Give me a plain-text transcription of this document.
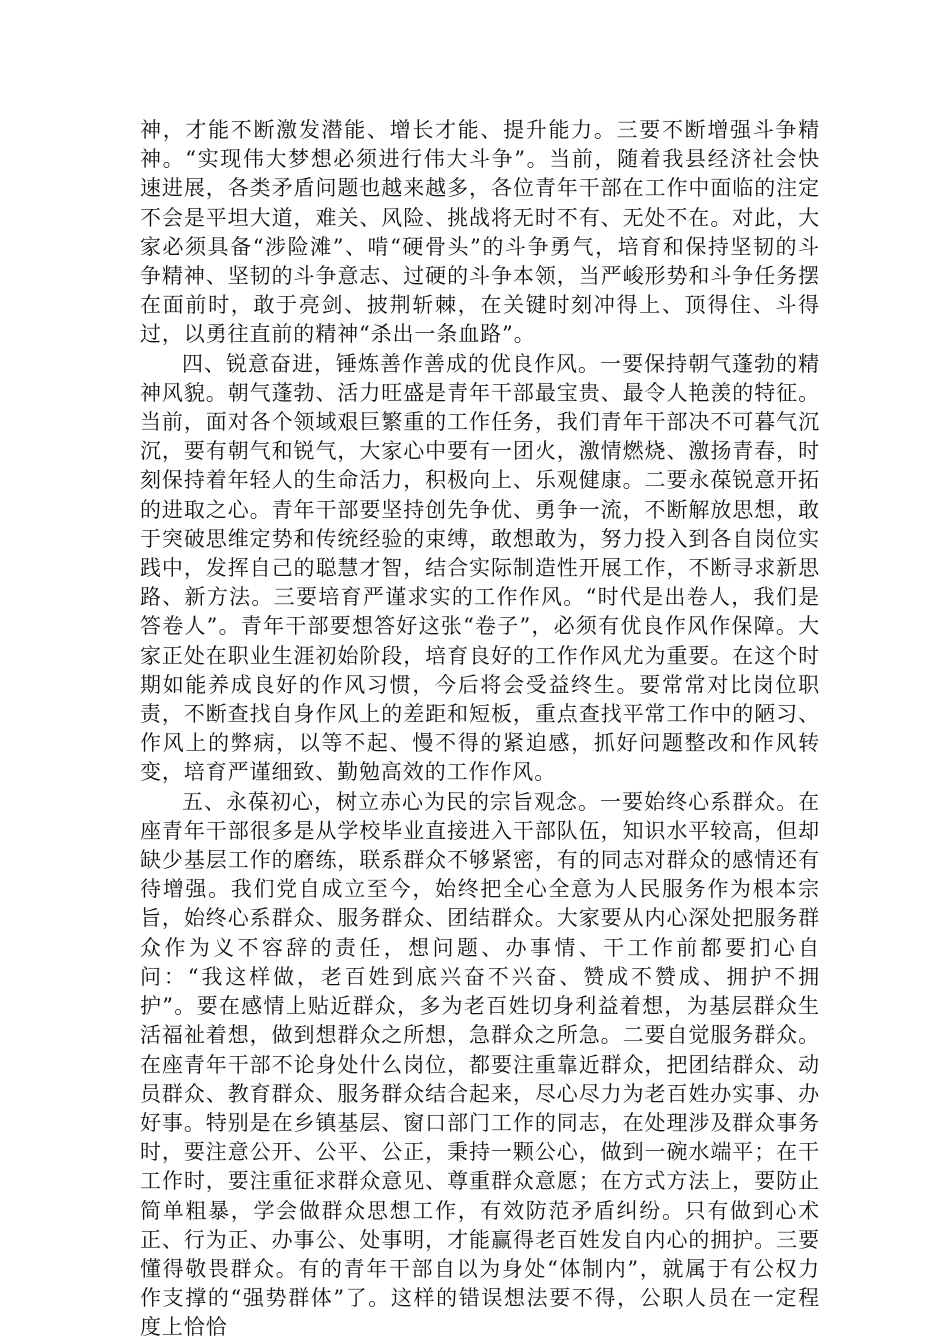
神，才能不断激发潜能、增长才能、提升能力。三要不断增强斗争精神。“实现伟大梦想必须进行伟大斗争”。当前，随着我县经济社会快速进展，各类矛盾问题也越来越多，各位青年干部在工作中面临的注定不会是平坦大道，难关、风险、挑战将无时不有、无处不在。对此，大家必须具备“涉险滩”、啃“硬骨头”的斗争勇气，培育和保持坚韧的斗争精神、坚韧的斗争意志、过硬的斗争本领，当严峻形势和斗争任务摆在面前时，敢于亮剑、披荆斩棘，在关键时刻冲得上、顶得住、斗得过，以勇往直前的精神“杀出一条血路”。

四、锐意奋进，锤炼善作善成的优良作风。一要保持朝气蓬勃的精神风貌。朝气蓬勃、活力旺盛是青年干部最宝贵、最令人艳羡的特征。当前，面对各个领域艰巨繁重的工作任务，我们青年干部决不可暮气沉沉，要有朝气和锐气，大家心中要有一团火，激情燃烧、激扬青春，时刻保持着年轻人的生命活力，积极向上、乐观健康。二要永葆锐意开拓的进取之心。青年干部要坚持创先争优、勇争一流，不断解放思想，敢于突破思维定势和传统经验的束缚，敢想敢为，努力投入到各自岗位实践中，发挥自己的聪慧才智，结合实际制造性开展工作，不断寻求新思路、新方法。三要培育严谨求实的工作作风。“时代是出卷人，我们是答卷人”。青年干部要想答好这张“卷子”，必须有优良作风作保障。大家正处在职业生涯初始阶段，培育良好的工作作风尤为重要。在这个时期如能养成良好的作风习惯，今后将会受益终生。要常常对比岗位职责，不断查找自身作风上的差距和短板，重点查找平常工作中的陋习、作风上的弊病，以等不起、慢不得的紧迫感，抓好问题整改和作风转变，培育严谨细致、勤勉高效的工作作风。

五、永葆初心，树立赤心为民的宗旨观念。一要始终心系群众。在座青年干部很多是从学校毕业直接进入干部队伍，知识水平较高，但却缺少基层工作的磨练，联系群众不够紧密，有的同志对群众的感情还有待增强。我们党自成立至今，始终把全心全意为人民服务作为根本宗旨，始终心系群众、服务群众、团结群众。大家要从内心深处把服务群众作为义不容辞的责任，想问题、办事情、干工作前都要扪心自问：“我这样做，老百姓到底兴奋不兴奋、赞成不赞成、拥护不拥护”。要在感情上贴近群众，多为老百姓切身利益着想，为基层群众生活福祉着想，做到想群众之所想，急群众之所急。二要自觉服务群众。在座青年干部不论身处什么岗位，都要注重靠近群众，把团结群众、动员群众、教育群众、服务群众结合起来，尽心尽力为老百姓办实事、办好事。特别是在乡镇基层、窗口部门工作的同志，在处理涉及群众事务时，要注意公开、公平、公正，秉持一颗公心，做到一碗水端平；在干工作时，要注重征求群众意见、尊重群众意愿；在方式方法上，要防止简单粗暴，学会做群众思想工作，有效防范矛盾纠纷。只有做到心术正、行为正、办事公、处事明，才能赢得老百姓发自内心的拥护。三要懂得敬畏群众。有的青年干部自以为身处“体制内”，就属于有公权力作支撑的“强势群体”了。这样的错误想法要不得，公职人员在一定程度上恰恰
